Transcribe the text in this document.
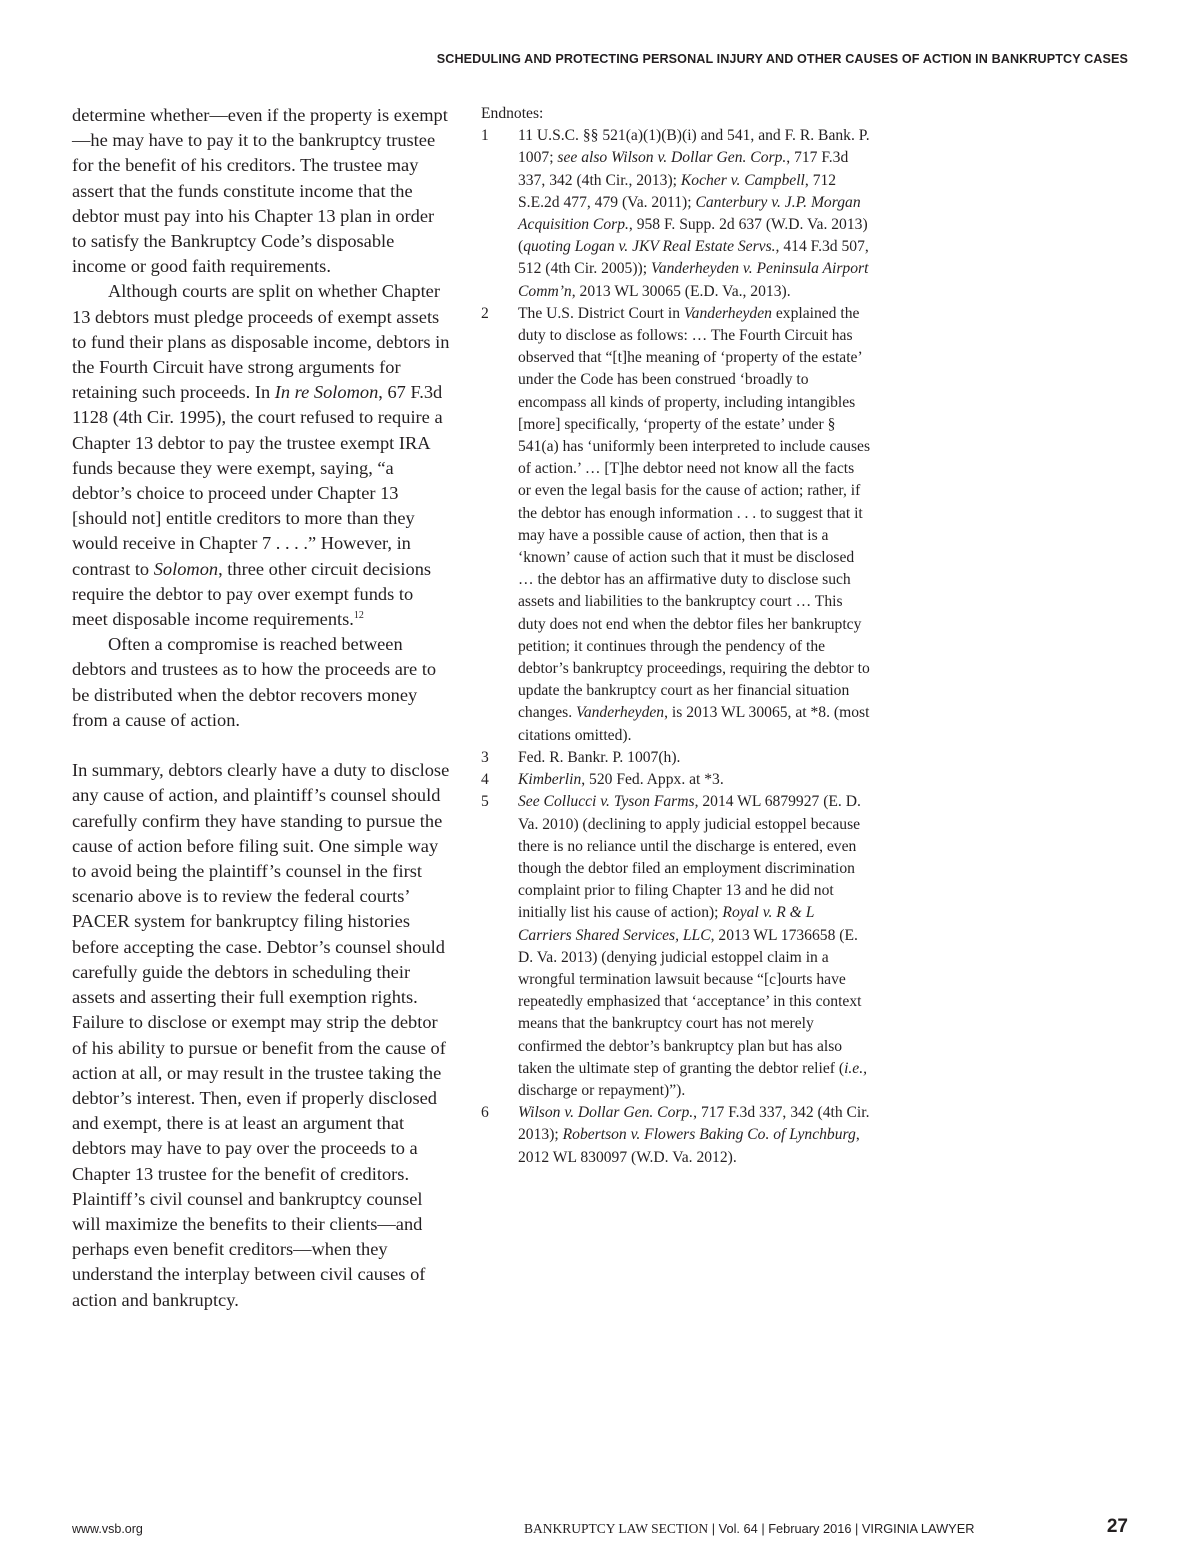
SCHEDULING AND PROTECTING PERSONAL INJURY AND OTHER CAUSES OF ACTION IN BANKRUPTCY CASES

determine whether—even if the property is exempt—he may have to pay it to the bankruptcy trustee for the benefit of his creditors. The trustee may assert that the funds constitute income that the debtor must pay into his Chapter 13 plan in order to satisfy the Bankruptcy Code’s disposable income or good faith requirements.

Although courts are split on whether Chapter 13 debtors must pledge proceeds of exempt assets to fund their plans as disposable income, debtors in the Fourth Circuit have strong arguments for retaining such proceeds. In In re Solomon, 67 F.3d 1128 (4th Cir. 1995), the court refused to require a Chapter 13 debtor to pay the trustee exempt IRA funds because they were exempt, saying, “a debtor’s choice to proceed under Chapter 13 [should not] entitle creditors to more than they would receive in Chapter 7 . . . .” However, in contrast to Solomon, three other circuit decisions require the debtor to pay over exempt funds to meet disposable income requirements.$^{12}$

Often a compromise is reached between debtors and trustees as to how the proceeds are to be distributed when the debtor recovers money from a cause of action.

In summary, debtors clearly have a duty to disclose any cause of action, and plaintiff’s counsel should carefully confirm they have standing to pursue the cause of action before filing suit. One simple way to avoid being the plaintiff’s counsel in the first scenario above is to review the federal courts’ PACER system for bankruptcy filing histories before accepting the case. Debtor’s counsel should carefully guide the debtors in scheduling their assets and asserting their full exemption rights. Failure to disclose or exempt may strip the debtor of his ability to pursue or benefit from the cause of action at all, or may result in the trustee taking the debtor’s interest. Then, even if properly disclosed and exempt, there is at least an argument that debtors may have to pay over the proceeds to a Chapter 13 trustee for the benefit of creditors. Plaintiff’s civil counsel and bankruptcy counsel will maximize the benefits to their clients—and perhaps even benefit creditors—when they understand the interplay between civil causes of action and bankruptcy.

Endnotes:

1	11 U.S.C. §§ 521(a)(1)(B)(i) and 541, and F. R. Bank. P. 1007; see also Wilson v. Dollar Gen. Corp., 717 F.3d 337, 342 (4th Cir., 2013); Kocher v. Campbell, 712 S.E.2d 477, 479 (Va. 2011); Canterbury v. J.P. Morgan Acquisition Corp., 958 F. Supp. 2d 637 (W.D. Va. 2013) (quoting Logan v. JKV Real Estate Servs., 414 F.3d 507, 512 (4th Cir. 2005)); Vanderheyden v. Peninsula Airport Comm’n, 2013 WL 30065 (E.D. Va., 2013).
2	The U.S. District Court in Vanderheyden explained the duty to disclose as follows: … The Fourth Circuit has observed that “[t]he meaning of ‘property of the estate’ under the Code has been construed ‘broadly to encompass all kinds of property, including intangibles [more] specifically, ‘property of the estate’ under § 541(a) has ‘uniformly been interpreted to include causes of action.’ … [T]he debtor need not know all the facts or even the legal basis for the cause of action; rather, if the debtor has enough information . . . to suggest that it may have a possible cause of action, then that is a ‘known’ cause of action such that it must be disclosed … the debtor has an affirmative duty to disclose such assets and liabilities to the bankruptcy court … This duty does not end when the debtor files her bankruptcy petition; it continues through the pendency of the debtor’s bankruptcy proceedings, requiring the debtor to update the bankruptcy court as her financial situation changes. Vanderheyden, is 2013 WL 30065, at *8. (most citations omitted).
3	Fed. R. Bankr. P. 1007(h).
4	Kimberlin, 520 Fed. Appx. at *3.
5	See Collucci v. Tyson Farms, 2014 WL 6879927 (E. D. Va. 2010) (declining to apply judicial estoppel because there is no reliance until the discharge is entered, even though the debtor filed an employment discrimination complaint prior to filing Chapter 13 and he did not initially list his cause of action); Royal v. R & L Carriers Shared Services, LLC, 2013 WL 1736658 (E. D. Va. 2013) (denying judicial estoppel claim in a wrongful termination lawsuit because “[c]ourts have repeatedly emphasized that ‘acceptance’ in this context means that the bankruptcy court has not merely confirmed the debtor’s bankruptcy plan but has also taken the ultimate step of granting the debtor relief (i.e., discharge or repayment)”).
6	Wilson v. Dollar Gen. Corp., 717 F.3d 337, 342 (4th Cir. 2013); Robertson v. Flowers Baking Co. of Lynchburg, 2012 WL 830097 (W.D. Va. 2012).
www.vsb.org	BANKRUPTCY LAW SECTION | Vol. 64 | February 2016 | VIRGINIA LAWYER	27
